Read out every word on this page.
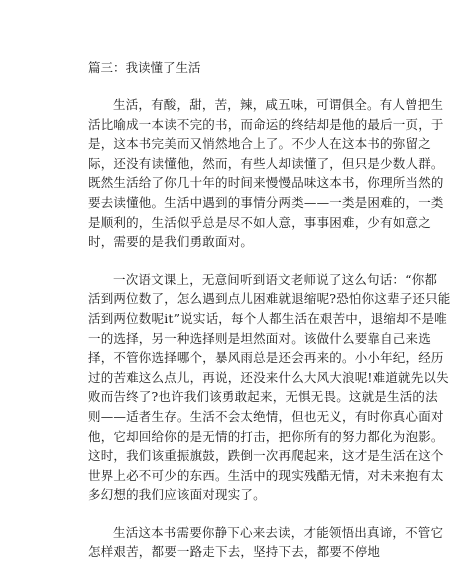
篇三：我读懂了生活
生活，有酸，甜，苦，辣，咸五味，可谓俱全。有人曾把生
活比喻成一本读不完的书，而命运的终结却是他的最后一页，于
是，这本书完美而又悄然地合上了。不少人在这本书的弥留之
际，还没有读懂他，然而，有些人却读懂了，但只是少数人群。
既然生活给了你几十年的时间来慢慢品味这本书，你理所当然的
要去读懂他。生活中遇到的事情分两类——一类是困难的，一类
是顺利的，生活似乎总是尽不如人意，事事困难，少有如意之
时，需要的是我们勇敢面对。
一次语文课上，无意间听到语文老师说了这么句话：“你都
活到两位数了，怎么遇到点儿困难就退缩呢?恐怕你这辈子还只能
活到两位数呢it”说实话，每个人都生活在艰苦中，退缩却不是唯
一的选择，另一种选择则是坦然面对。该做什么要靠自己来选
择，不管你选择哪个，暴风雨总是还会再来的。小小年纪，经历
过的苦难这么点儿，再说，还没来什么大风大浪呢!难道就先以失
败而告终了?也许我们该勇敢起来，无惧无畏。这就是生活的法
则——适者生存。生活不会太绝情，但也无义，有时你真心面对
他，它却回给你的是无情的打击，把你所有的努力都化为泡影。
这时，我们该重振旗鼓，跌倒一次再爬起来，这才是生活在这个
世界上必不可少的东西。生活中的现实残酷无情，对未来抱有太
多幻想的我们应该面对现实了。
生活这本书需要你静下心来去读，才能领悟出真谛，不管它
怎样艰苦，都要一路走下去，坚持下去，都要不停地
